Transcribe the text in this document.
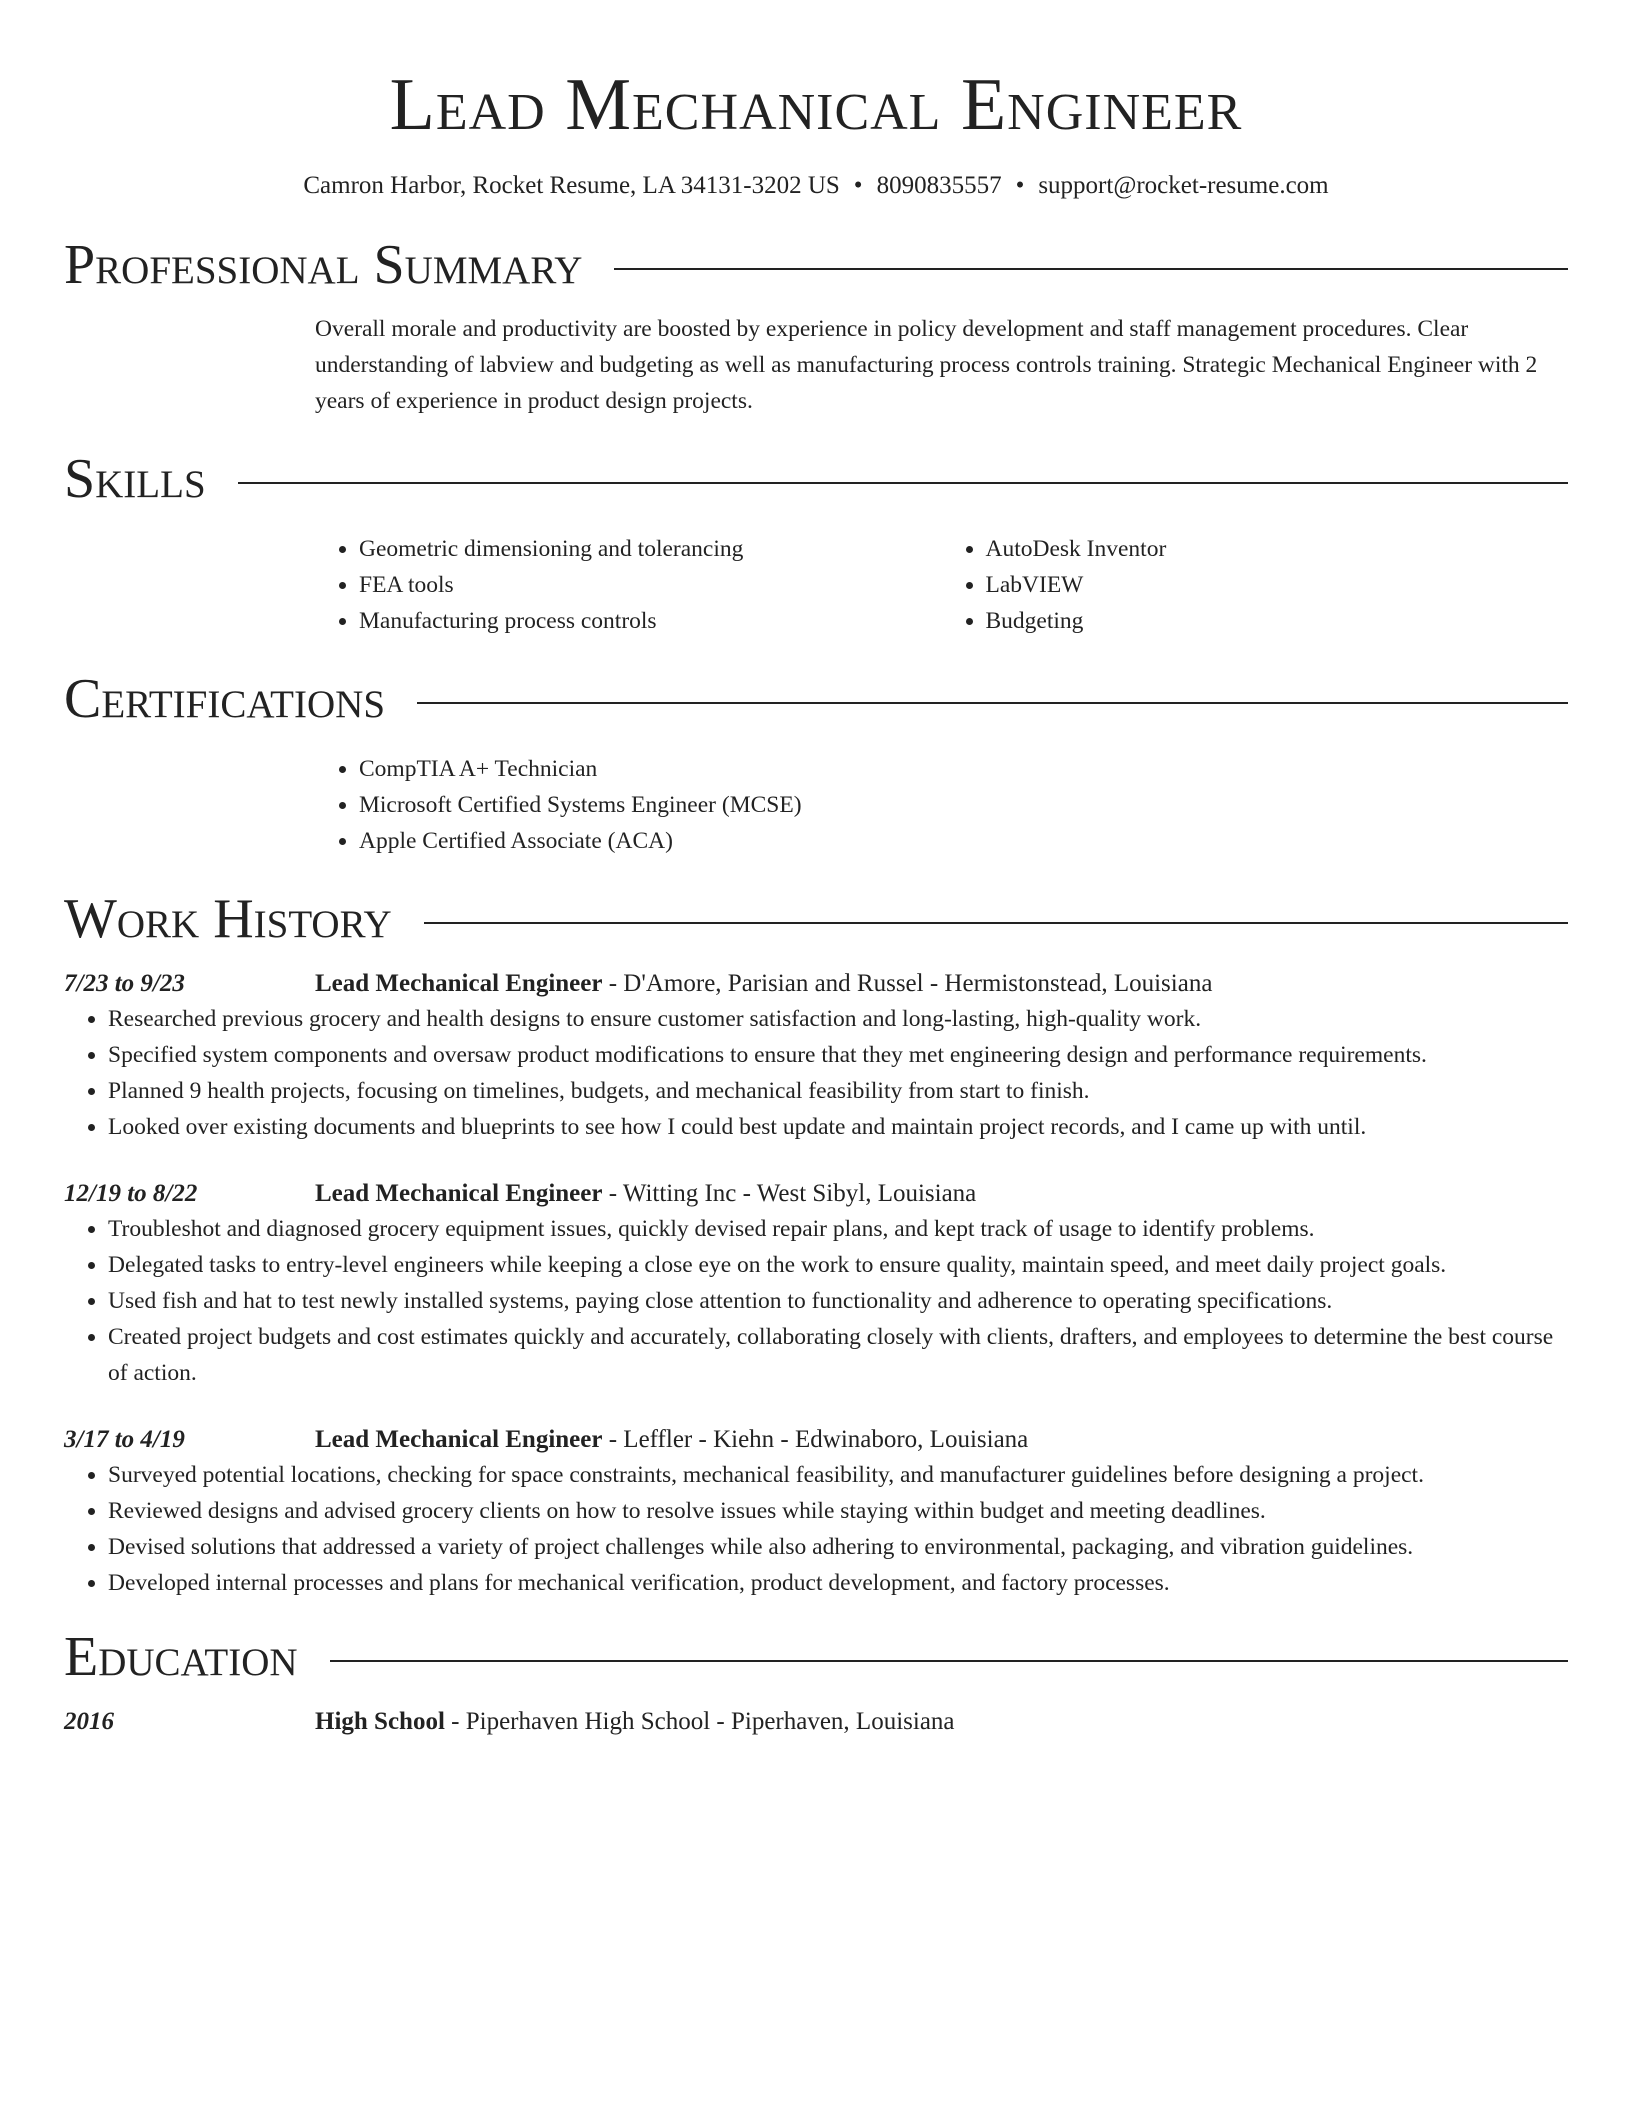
Lead Mechanical Engineer
Camron Harbor, Rocket Resume, LA 34131-3202 US • 8090835557 • support@rocket-resume.com
Professional Summary

Overall morale and productivity are boosted by experience in policy development and staff management procedures. Clear understanding of labview and budgeting as well as manufacturing process controls training. Strategic Mechanical Engineer with 2 years of experience in product design projects.

Skills
• Geometric dimensioning and tolerancing
• FEA tools
• Manufacturing process controls
• AutoDesk Inventor
• LabVIEW
• Budgeting
Certifications
• CompTIA A+ Technician
• Microsoft Certified Systems Engineer (MCSE)
• Apple Certified Associate (ACA)
Work History
7/23 to 9/23	Lead Mechanical Engineer - D'Amore, Parisian and Russel - Hermistonstead, Louisiana
• Researched previous grocery and health designs to ensure customer satisfaction and long-lasting, high-quality work.
• Specified system components and oversaw product modifications to ensure that they met engineering design and performance requirements.
• Planned 9 health projects, focusing on timelines, budgets, and mechanical feasibility from start to finish.
• Looked over existing documents and blueprints to see how I could best update and maintain project records, and I came up with until.
12/19 to 8/22	Lead Mechanical Engineer - Witting Inc - West Sibyl, Louisiana
• Troubleshot and diagnosed grocery equipment issues, quickly devised repair plans, and kept track of usage to identify problems.
• Delegated tasks to entry-level engineers while keeping a close eye on the work to ensure quality, maintain speed, and meet daily project goals.
• Used fish and hat to test newly installed systems, paying close attention to functionality and adherence to operating specifications.
• Created project budgets and cost estimates quickly and accurately, collaborating closely with clients, drafters, and employees to determine the best course of action.
3/17 to 4/19	Lead Mechanical Engineer - Leffler - Kiehn - Edwinaboro, Louisiana
• Surveyed potential locations, checking for space constraints, mechanical feasibility, and manufacturer guidelines before designing a project.
• Reviewed designs and advised grocery clients on how to resolve issues while staying within budget and meeting deadlines.
• Devised solutions that addressed a variety of project challenges while also adhering to environmental, packaging, and vibration guidelines.
• Developed internal processes and plans for mechanical verification, product development, and factory processes.
Education
2016	High School - Piperhaven High School - Piperhaven, Louisiana
